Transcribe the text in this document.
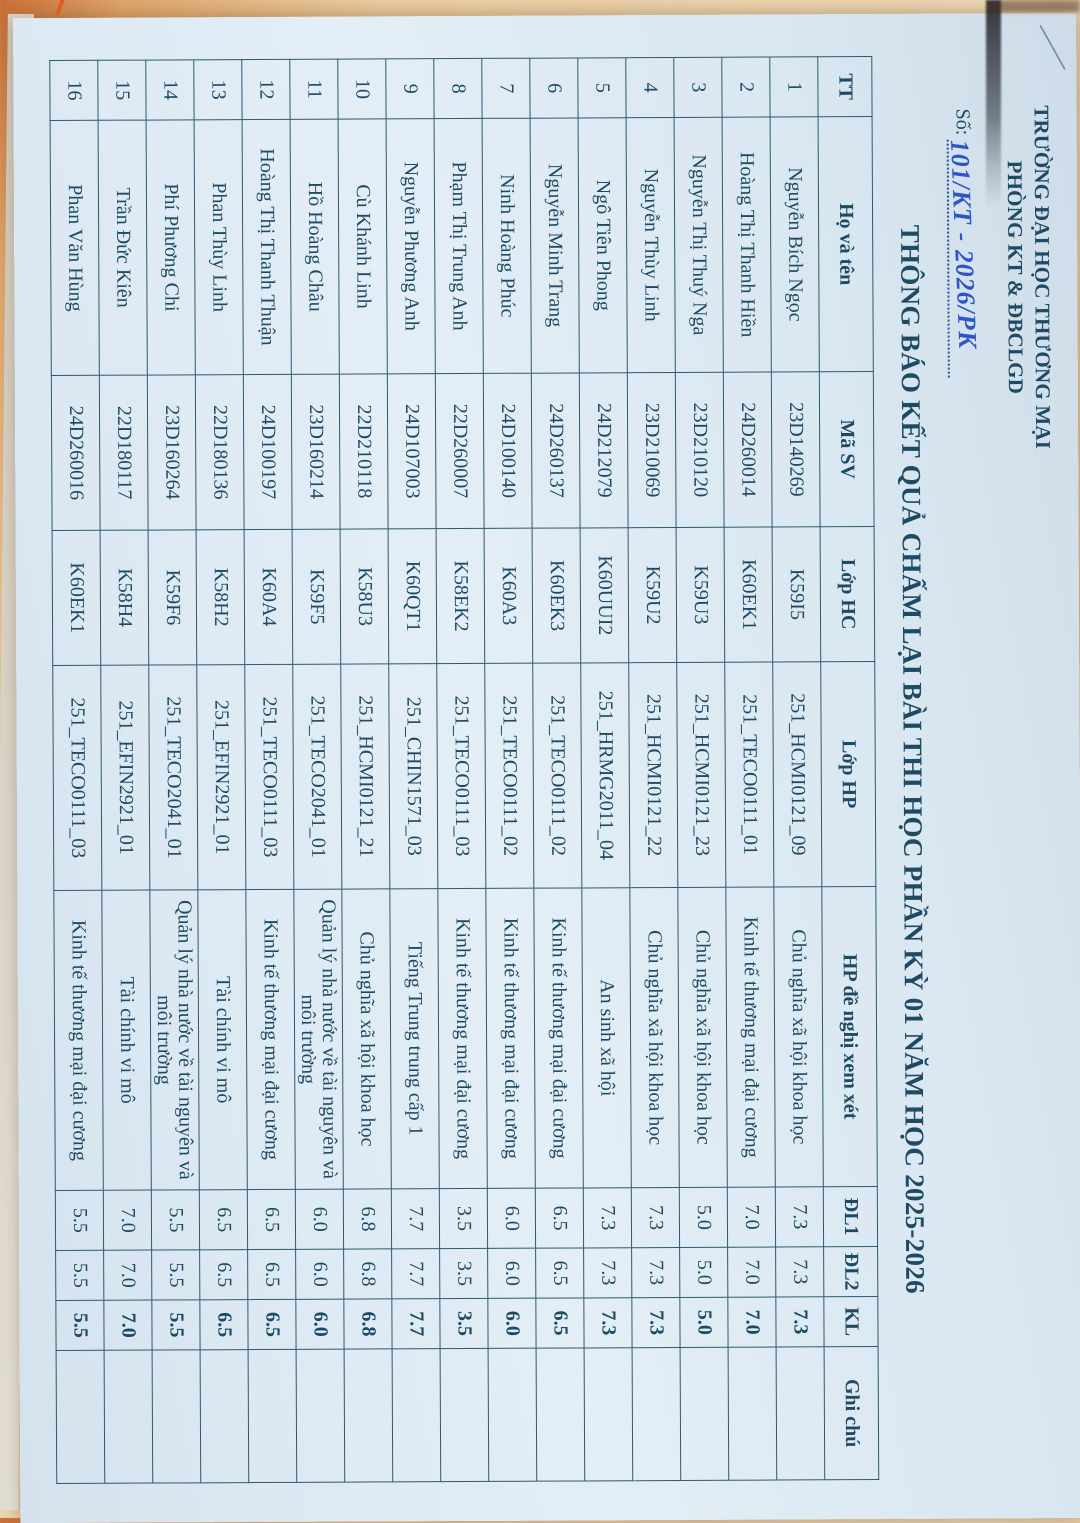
TRƯỜNG ĐẠI HỌC THƯƠNG MẠI
PHÒNG KT & ĐBCLGD
Số:101/KT - 2026/PK
THÔNG BÁO KẾT QUẢ CHẤM LẠI BÀI THI HỌC PHẦN KỲ 01 NĂM HỌC 2025-2026
TT	Họ và tên	Mã SV	Lớp HC	Lớp HP	HP đề nghị xem xét	ĐL1	ĐL2	KL	Ghi chú
1	Nguyễn Bích Ngọc	23D140269	K59I5	251_HCMI0121_09	Chủ nghĩa xã hội khoa học	7.3	7.3	7.3	
2	Hoàng Thị Thanh Hiền	24D260014	K60EK1	251_TECO0111_01	Kinh tế thương mại đại cương	7.0	7.0	7.0	
3	Nguyễn Thị Thuý Nga	23D210120	K59U3	251_HCMI0121_23	Chủ nghĩa xã hội khoa học	5.0	5.0	5.0	
4	Nguyễn Thùy Linh	23D210069	K59U2	251_HCMI0121_22	Chủ nghĩa xã hội khoa học	7.3	7.3	7.3	
5	Ngô Tiên Phong	24D212079	K60UUI2	251_HRMG2011_04	An sinh xã hội	7.3	7.3	7.3	
6	Nguyễn Minh Trang	24D260137	K60EK3	251_TECO0111_02	Kinh tế thương mại đại cương	6.5	6.5	6.5	
7	Ninh Hoàng Phúc	24D100140	K60A3	251_TECO0111_02	Kinh tế thương mại đại cương	6.0	6.0	6.0	
8	Phạm Thị Trung Anh	22D260007	K58EK2	251_TECO0111_03	Kinh tế thương mại đại cương	3.5	3.5	3.5	
9	Nguyễn Phương Anh	24D107003	K60QT1	251_CHIN1571_03	Tiếng Trung trung cấp 1	7.7	7.7	7.7	
10	Cù Khánh Linh	22D210118	K58U3	251_HCMI0121_21	Chủ nghĩa xã hội khoa học	6.8	6.8	6.8	
11	Hồ Hoàng Châu	23D160214	K59F5	251_TECO2041_01	Quản lý nhà nước về tài nguyên và môi trường	6.0	6.0	6.0	
12	Hoàng Thị Thanh Thuận	24D100197	K60A4	251_TECO0111_03	Kinh tế thương mại đại cương	6.5	6.5	6.5	
13	Phan Thùy Linh	22D180136	K58H2	251_EFIN2921_01	Tài chính vi mô	6.5	6.5	6.5	
14	Phí Phương Chi	23D160264	K59F6	251_TECO2041_01	Quản lý nhà nước về tài nguyên và môi trường	5.5	5.5	5.5	
15	Trần Đức Kiên	22D180117	K58H4	251_EFIN2921_01	Tài chính vi mô	7.0	7.0	7.0	
16	Phan Văn Hùng	24D260016	K60EK1	251_TECO0111_03	Kinh tế thương mại đại cương	5.5	5.5	5.5	
